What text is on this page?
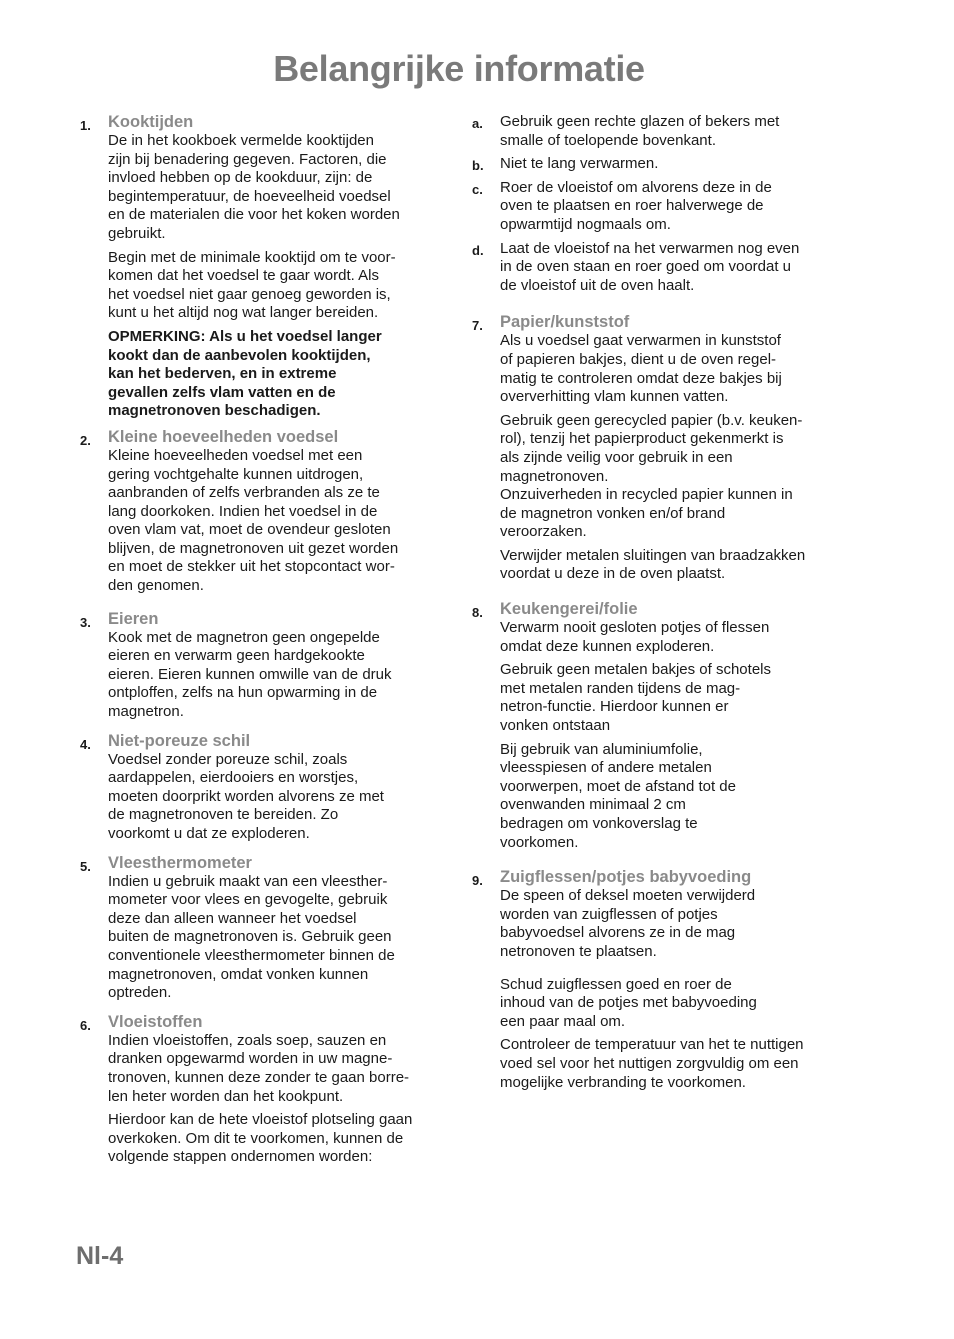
Belangrijke informatie
1. Kooktijden
De in het kookboek vermelde kooktijden
zijn bij benadering gegeven. Factoren, die
invloed hebben op de kookduur, zijn: de
begintemperatuur, de hoeveelheid voedsel
en de materialen die voor het koken worden
gebruikt.
Begin met de minimale kooktijd om te voor-
komen dat het voedsel te gaar wordt. Als
het voedsel niet gaar genoeg geworden is,
kunt u het altijd nog wat langer bereiden.
OPMERKING: Als u het voedsel langer
kookt dan de aanbevolen kooktijden,
kan het bederven, en in extreme
gevallen zelfs vlam vatten en de
magnetronoven beschadigen.
2. Kleine hoeveelheden voedsel
Kleine hoeveelheden voedsel met een
gering vochtgehalte kunnen uitdrogen,
aanbranden of zelfs verbranden als ze te
lang doorkoken. Indien het voedsel in de
oven vlam vat, moet de ovendeur gesloten
blijven, de magnetronoven uit gezet worden
en moet de stekker uit het stopcontact wor-
den genomen.
3. Eieren
Kook met de magnetron geen ongepelde
eieren en verwarm geen hardgekookte
eieren. Eieren kunnen omwille van de druk
ontploffen, zelfs na hun opwarming in de
magnetron.
4. Niet-poreuze schil
Voedsel zonder poreuze schil, zoals
aardappelen, eierdooiers en worstjes,
moeten doorprikt worden alvorens ze met
de magnetronoven te bereiden. Zo
voorkomt u dat ze exploderen.
5. Vleesthermometer
Indien u gebruik maakt van een vleesther-
mometer voor vlees en gevogelte, gebruik
deze dan alleen wanneer het voedsel
buiten de magnetronoven is. Gebruik geen
conventionele vleesthermometer binnen de
magnetronoven, omdat vonken kunnen
optreden.
6. Vloeistoffen
Indien vloeistoffen, zoals soep, sauzen en
dranken opgewarmd worden in uw magne-
tronoven, kunnen deze zonder te gaan borre-
len heter worden dan het kookpunt.
Hierdoor kan de hete vloeistof plotseling gaan
overkoken. Om dit te voorkomen, kunnen de
volgende stappen ondernomen worden:
a. Gebruik geen rechte glazen of bekers met
smalle of toelopende bovenkant.
b. Niet te lang verwarmen.
c. Roer de vloeistof om alvorens deze in de
oven te plaatsen en roer halverwege de
opwarmtijd nogmaals om.
d. Laat de vloeistof na het verwarmen nog even
in de oven staan en roer goed om voordat u
de vloeistof uit de oven haalt.
7. Papier/kunststof
Als u voedsel gaat verwarmen in kunststof
of papieren bakjes, dient u de oven regel-
matig te controleren omdat deze bakjes bij
oververhitting vlam kunnen vatten.
Gebruik geen gerecycled papier (b.v. keuken-
rol), tenzij het papierproduct gekenmerkt is
als zijnde veilig voor gebruik in een
magnetronoven.
Onzuiverheden in recycled papier kunnen in
de magnetron vonken en/of brand
veroorzaken.
Verwijder metalen sluitingen van braadzakken
voordat u deze in de oven plaatst.
8. Keukengerei/folie
Verwarm nooit gesloten potjes of flessen
omdat deze kunnen exploderen.
Gebruik geen metalen bakjes of schotels
met metalen randen tijdens de mag-
netron-functie. Hierdoor kunnen er
vonken ontstaan
Bij gebruik van aluminiumfolie,
vleesspiesen of andere metalen
voorwerpen, moet de afstand tot de
ovenwanden minimaal 2 cm
bedragen om vonkoverslag te
voorkomen.
9. Zuigflessen/potjes babyvoeding
De speen of deksel moeten verwijderd
worden van zuigflessen of potjes
babyvoedsel alvorens ze in de mag
netronoven te plaatsen.
Schud zuigflessen goed en roer de
inhoud van de potjes met babyvoeding
een paar maal om.
Controleer de temperatuur van het te nuttigen
voed sel voor het nuttigen zorgvuldig om een
mogelijke verbranding te voorkomen.
Nl-4
